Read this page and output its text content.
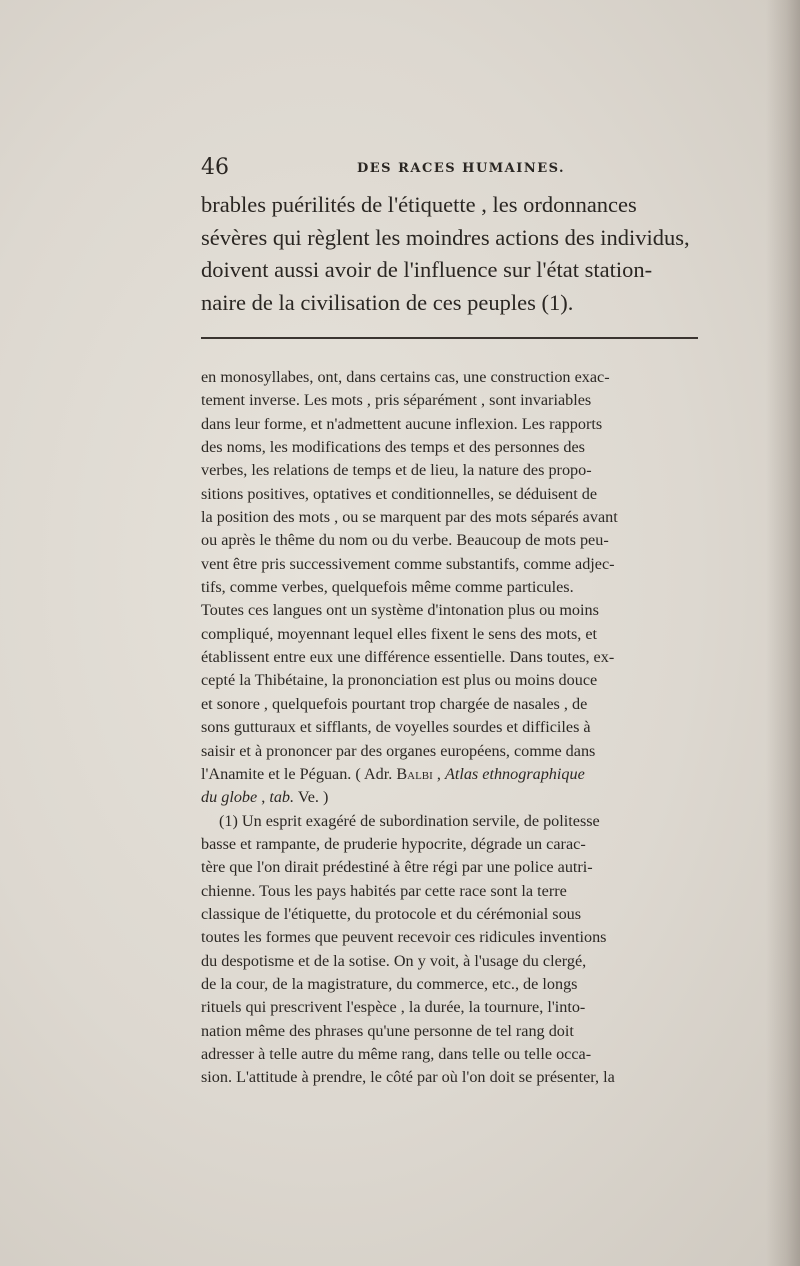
46	DES RACES HUMAINES.
brables puérilités de l'étiquette , les ordonnances
sévères qui règlent les moindres actions des individus,
doivent aussi avoir de l'influence sur l'état station-
naire de la civilisation de ces peuples (1).
en monosyllabes, ont, dans certains cas, une construction exac-
tement inverse. Les mots , pris séparément , sont invariables
dans leur forme, et n'admettent aucune inflexion. Les rapports
des noms, les modifications des temps et des personnes des
verbes, les relations de temps et de lieu, la nature des propo-
sitions positives, optatives et conditionnelles, se déduisent de
la position des mots , ou se marquent par des mots séparés avant
ou après le thême du nom ou du verbe. Beaucoup de mots peu-
vent être pris successivement comme substantifs, comme adjec-
tifs, comme verbes, quelquefois même comme particules.
Toutes ces langues ont un système d'intonation plus ou moins
compliqué, moyennant lequel elles fixent le sens des mots, et
établissent entre eux une différence essentielle. Dans toutes, ex-
cepté la Thibétaine, la prononciation est plus ou moins douce
et sonore , quelquefois pourtant trop chargée de nasales , de
sons gutturaux et sifflants, de voyelles sourdes et difficiles à
saisir et à prononcer par des organes européens, comme dans
l'Anamite et le Péguan. ( Adr. Balbi , Atlas ethnographique
du globe , tab. Ve. )
(1) Un esprit exagéré de subordination servile, de politesse
basse et rampante, de pruderie hypocrite, dégrade un carac-
tère que l'on dirait prédestiné à être régi par une police autri-
chienne. Tous les pays habités par cette race sont la terre
classique de l'étiquette, du protocole et du cérémonial sous
toutes les formes que peuvent recevoir ces ridicules inventions
du despotisme et de la sotise. On y voit, à l'usage du clergé,
de la cour, de la magistrature, du commerce, etc., de longs
rituels qui prescrivent l'espèce , la durée, la tournure, l'into-
nation même des phrases qu'une personne de tel rang doit
adresser à telle autre du même rang, dans telle ou telle occa-
sion. L'attitude à prendre, le côté par où l'on doit se présenter, la
